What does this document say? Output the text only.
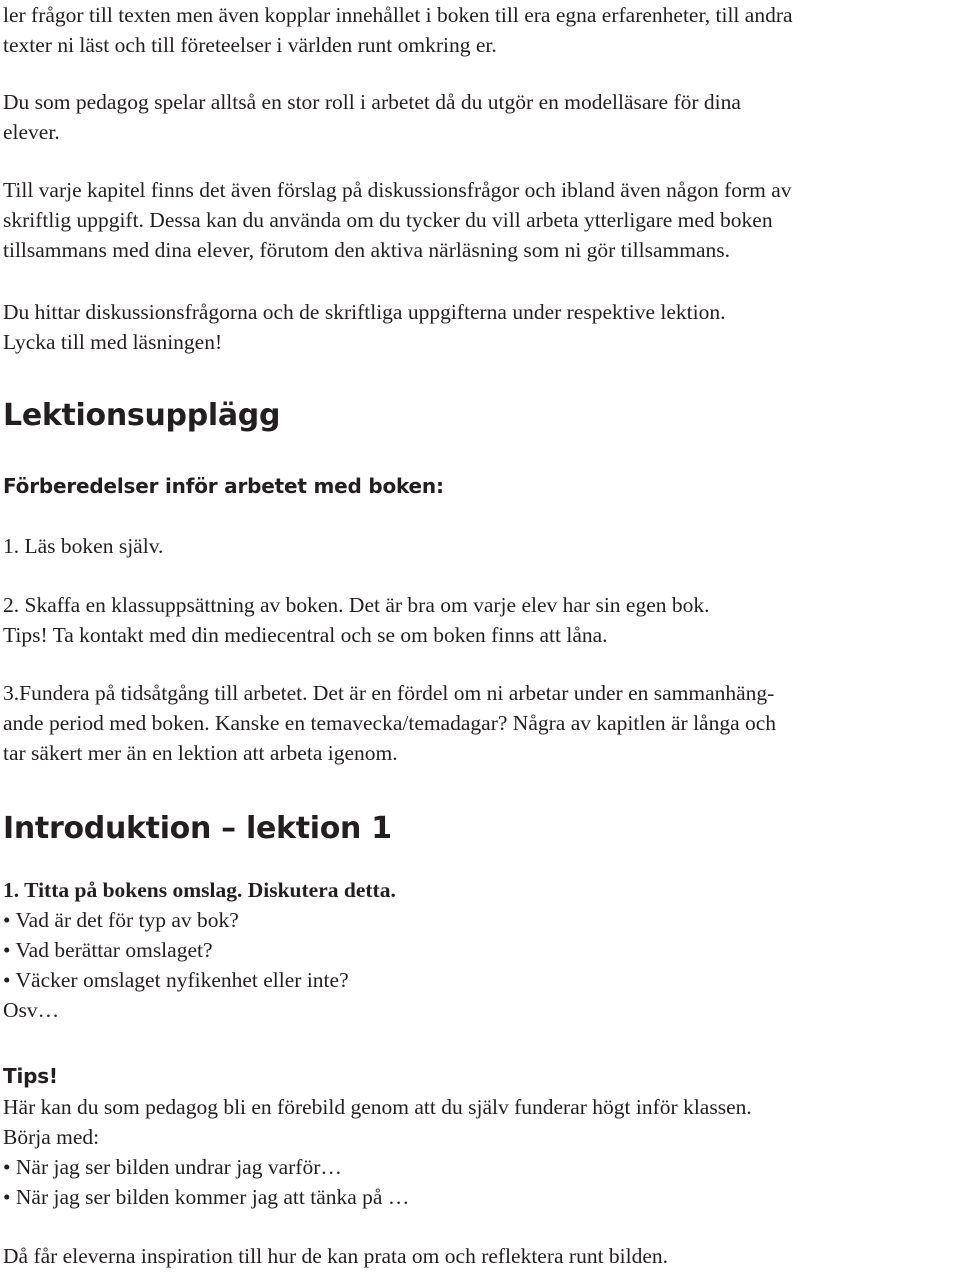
ler frågor till texten men även kopplar innehållet i boken till era egna erfarenheter, till andra
texter ni läst och till företeelser i världen runt omkring er.

Du som pedagog spelar alltså en stor roll i arbetet då du utgör en modelläsare för dina
elever.

Till varje kapitel finns det även förslag på diskussionsfrågor och ibland även någon form av
skriftlig uppgift. Dessa kan du använda om du tycker du vill arbeta ytterligare med boken
tillsammans med dina elever, förutom den aktiva närläsning som ni gör tillsammans.

Du hittar diskussionsfrågorna och de skriftliga uppgifterna under respektive lektion.
Lycka till med läsningen!

Lektionsupplägg
Förberedelser inför arbetet med boken:

1. Läs boken själv.

2. Skaffa en klassuppsättning av boken. Det är bra om varje elev har sin egen bok.
Tips! Ta kontakt med din mediecentral och se om boken finns att låna.

3.Fundera på tidsåtgång till arbetet. Det är en fördel om ni arbetar under en sammanhäng-
ande period med boken. Kanske en temavecka/temadagar? Några av kapitlen är långa och
tar säkert mer än en lektion att arbeta igenom.

Introduktion – lektion 1

1. Titta på bokens omslag. Diskutera detta.
• Vad är det för typ av bok?
• Vad berättar omslaget?
• Väcker omslaget nyfikenhet eller inte?
Osv…

Tips!

Här kan du som pedagog bli en förebild genom att du själv funderar högt inför klassen.
Börja med:
• När jag ser bilden undrar jag varför…
• När jag ser bilden kommer jag att tänka på …

Då får eleverna inspiration till hur de kan prata om och reflektera runt bilden.
